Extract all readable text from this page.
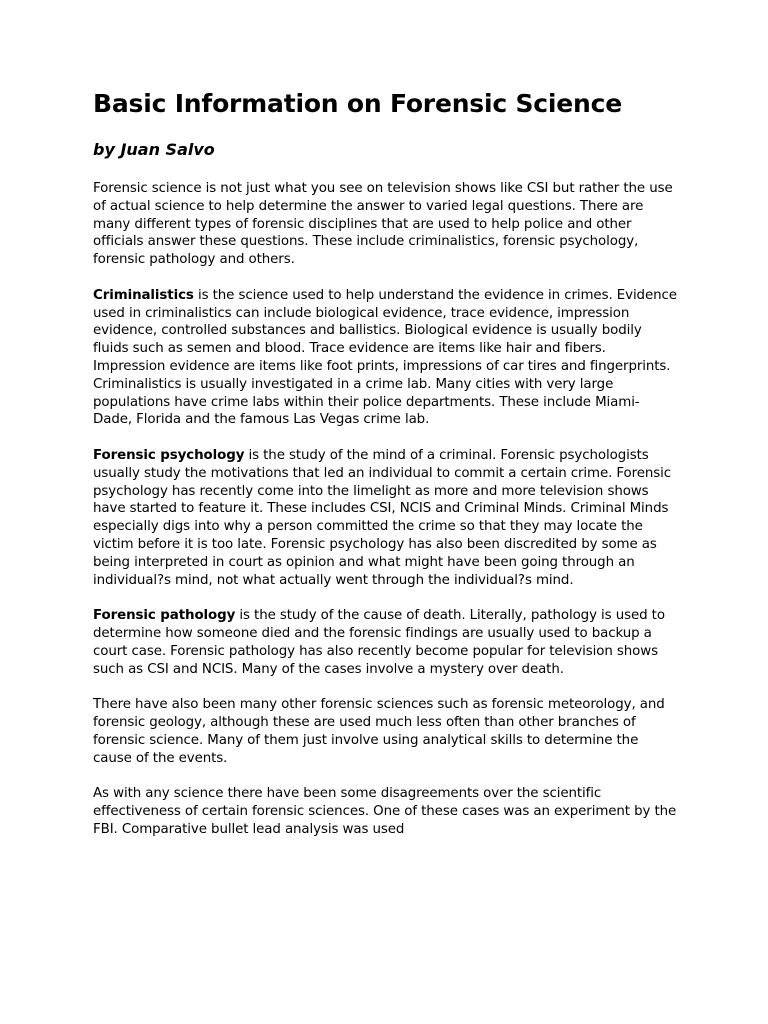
Basic Information on Forensic Science
by Juan Salvo

Forensic science is not just what you see on television shows like CSI but rather the use of actual science to help determine the answer to varied legal questions. There are many different types of forensic disciplines that are used to help police and other officials answer these questions. These include criminalistics, forensic psychology, forensic pathology and others.

Criminalistics is the science used to help understand the evidence in crimes. Evidence used in criminalistics can include biological evidence, trace evidence, impression evidence, controlled substances and ballistics. Biological evidence is usually bodily fluids such as semen and blood. Trace evidence are items like hair and fibers. Impression evidence are items like foot prints, impressions of car tires and fingerprints. Criminalistics is usually investigated in a crime lab. Many cities with very large populations have crime labs within their police departments. These include Miami-Dade, Florida and the famous Las Vegas crime lab.

Forensic psychology is the study of the mind of a criminal. Forensic psychologists usually study the motivations that led an individual to commit a certain crime. Forensic psychology has recently come into the limelight as more and more television shows have started to feature it. These includes CSI, NCIS and Criminal Minds. Criminal Minds especially digs into why a person committed the crime so that they may locate the victim before it is too late. Forensic psychology has also been discredited by some as being interpreted in court as opinion and what might have been going through an individual?s mind, not what actually went through the individual?s mind.

Forensic pathology is the study of the cause of death. Literally, pathology is used to determine how someone died and the forensic findings are usually used to backup a court case. Forensic pathology has also recently become popular for television shows such as CSI and NCIS. Many of the cases involve a mystery over death.

There have also been many other forensic sciences such as forensic meteorology, and forensic geology, although these are used much less often than other branches of forensic science. Many of them just involve using analytical skills to determine the cause of the events.

As with any science there have been some disagreements over the scientific effectiveness of certain forensic sciences. One of these cases was an experiment by the FBI. Comparative bullet lead analysis was used
